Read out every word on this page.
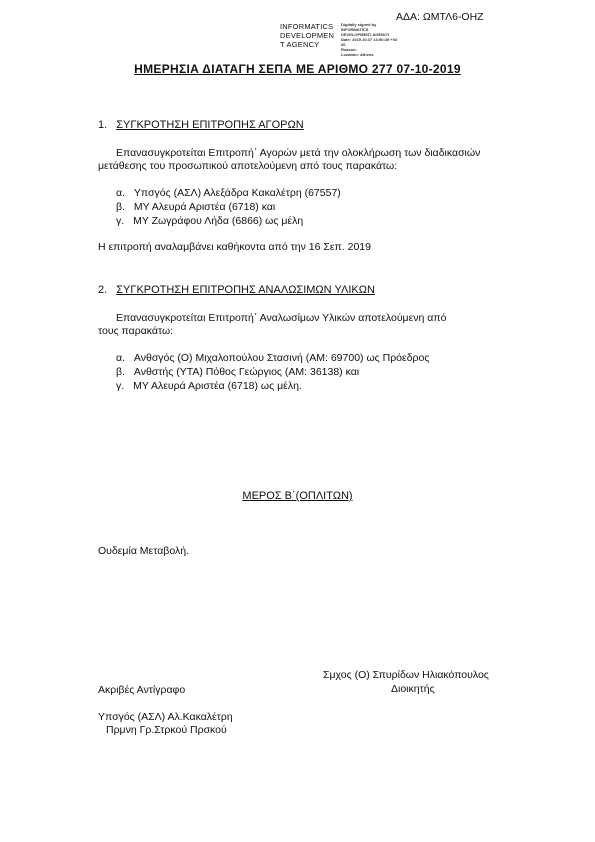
ΑΔΑ: ΩΜΤΛ6-ΟΗΖ
INFORMATICS
DEVELOPMEN
T AGENCY
Digitally signed by
INFORMATICS
DEVELOPMENT AGENCY
Date: 2019.10.07 13:50:49 +03
00
Reason:
Location: Athens
ΗΜΕΡΗΣΙΑ ΔΙΑΤΑΓΗ ΣΕΠΑ ΜΕ ΑΡΙΘΜΟ 277 07-10-2019
1. ΣΥΓΚΡΟΤΗΣΗ ΕΠΙΤΡΟΠΗΣ ΑΓΟΡΩΝ
Επανασυγκροτείται Επιτροπή΄ Αγορών μετά την ολοκλήρωση των διαδικασιών
μετάθεσης του προσωπικού αποτελούμενη από τους παρακάτω:
α. Υπσγός (ΑΣΛ) Αλεξάδρα Κακαλέτρη (67557)
β. ΜΥ Αλευρά Αριστέα (6718) και
γ. ΜΥ Ζωγράφου Λήδα (6866) ως μέλη
Η επιτροπή αναλαμβάνει καθήκοντα από την 16 Σεπ. 2019
2. ΣΥΓΚΡΟΤΗΣΗ ΕΠΙΤΡΟΠΗΣ ΑΝΑΛΩΣΙΜΩΝ ΥΛΙΚΩΝ
Επανασυγκροτείται Επιτροπή΄ Αναλωσίμων Υλικών αποτελούμενη από
τους παρακάτω:
α. Ανθσγός (Ο) Μιχαλοπούλου Στασινή (ΑΜ: 69700) ως Πρόεδρος
β. Ανθστής (ΥΤΑ) Πόθος Γεώργιος (ΑΜ: 36138) και
γ. ΜΥ Αλευρά Αριστέα (6718) ως μέλη.
ΜΕΡΟΣ Β΄(ΟΠΛΙΤΩΝ)
Ουδεμία Μεταβολή.
Σμχος (Ο) Σπυρίδων Ηλιακόπουλος
Διοικητής
Ακριβές Αντίγραφο
Υπσγός (ΑΣΛ) Αλ.Κακαλέτρη
Πρμνη Γρ.Στρκού Πρσκού
